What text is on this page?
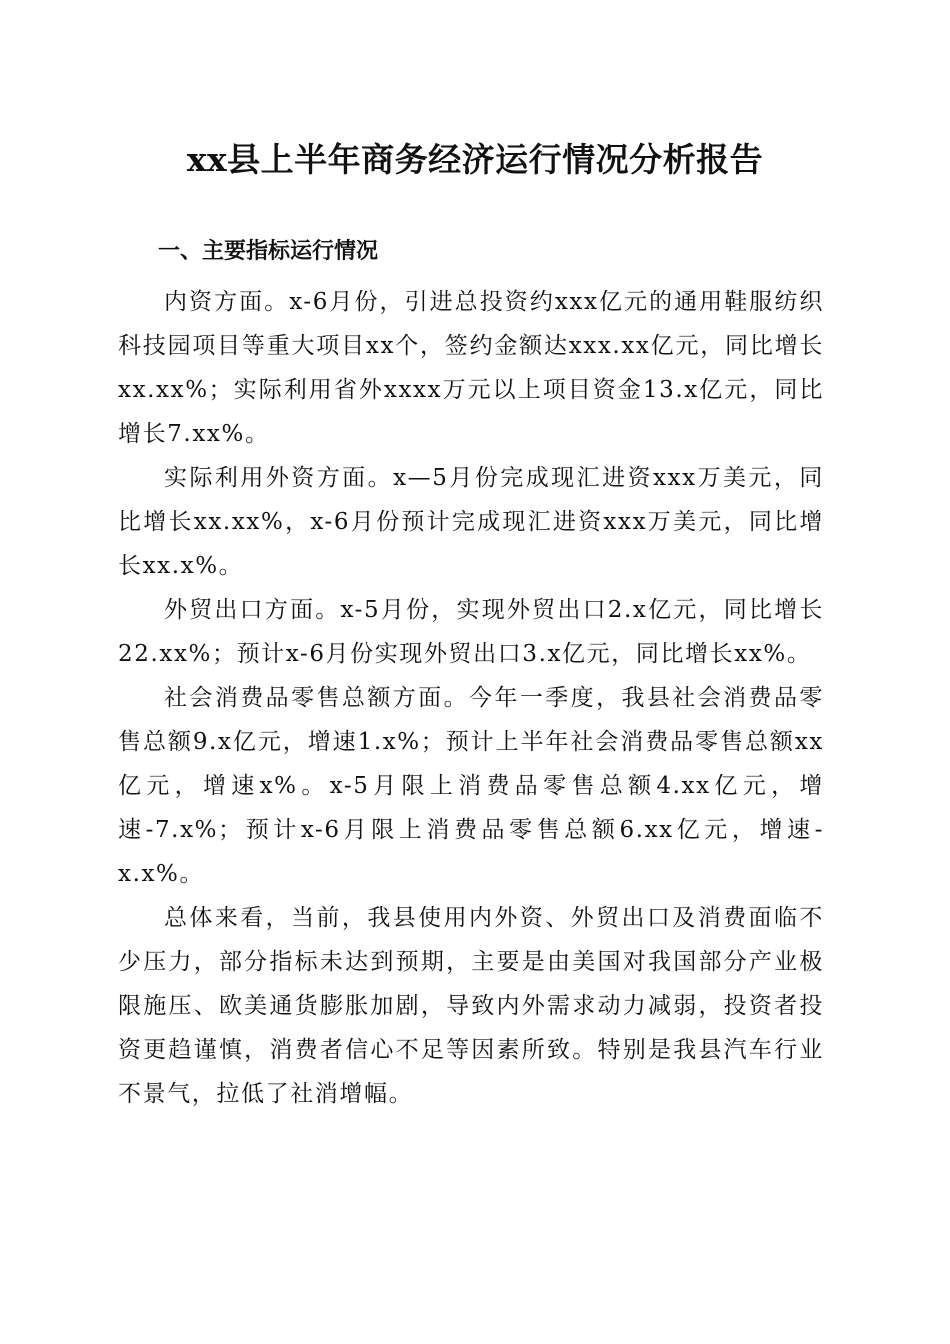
xx县上半年商务经济运行情况分析报告
一、主要指标运行情况

内资方面。x-6月份，引进总投资约xxx亿元的通用鞋服纺织科技园项目等重大项目xx个，签约金额达xxx.xx亿元，同比增长xx.xx%；实际利用省外xxxx万元以上项目资金13.x亿元，同比增长7.xx%。

实际利用外资方面。x—5月份完成现汇进资xxx万美元，同比增长xx.xx%，x-6月份预计完成现汇进资xxx万美元，同比增长xx.x%。

外贸出口方面。x-5月份，实现外贸出口2.x亿元，同比增长22.xx%；预计x-6月份实现外贸出口3.x亿元，同比增长xx%。

社会消费品零售总额方面。今年一季度，我县社会消费品零售总额9.x亿元，增速1.x%；预计上半年社会消费品零售总额xx亿元，增速x%。x-5月限上消费品零售总额4.xx亿元，增速-7.x%；预计x-6月限上消费品零售总额6.xx亿元，增速-x.x%。

总体来看，当前，我县使用内外资、外贸出口及消费面临不少压力，部分指标未达到预期，主要是由美国对我国部分产业极限施压、欧美通货膨胀加剧，导致内外需求动力减弱，投资者投资更趋谨慎，消费者信心不足等因素所致。特别是我县汽车行业不景气，拉低了社消增幅。
